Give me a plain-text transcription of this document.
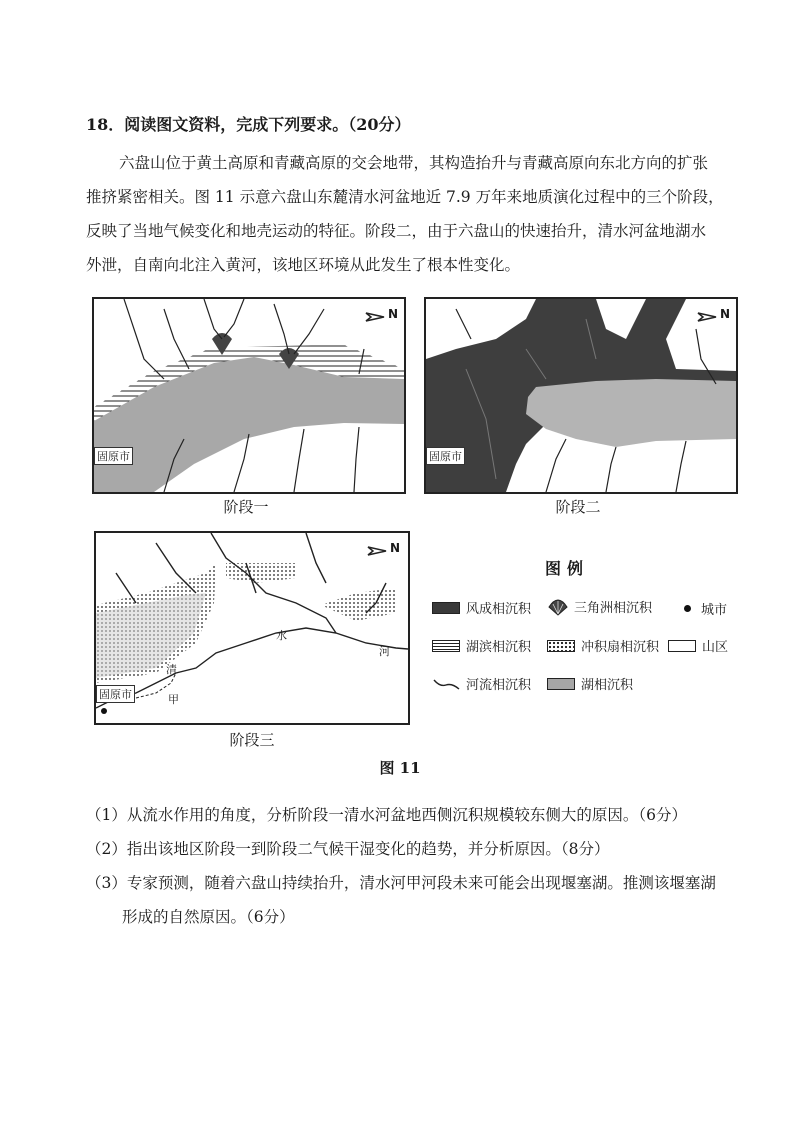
18．阅读图文资料，完成下列要求。（20分）

六盘山位于黄土高原和青藏高原的交会地带，其构造抬升与青藏高原向东北方向的扩张

推挤紧密相关。图 11 示意六盘山东麓清水河盆地近 7.9 万年来地质演化过程中的三个阶段，

反映了当地气候变化和地壳运动的特征。阶段二，由于六盘山的快速抬升，清水河盆地湖水

外泄，自南向北注入黄河，该地区环境从此发生了根本性变化。

N
固原市
阶段一
N
固原市
阶段二
N
清
水
河
甲
固原市
阶段三
图例
风成相沉积	三角洲相沉积	城市
湖滨相沉积	冲积扇相沉积	山区
河流相沉积	湖相沉积
图 11
（1）从流水作用的角度，分析阶段一清水河盆地西侧沉积规模较东侧大的原因。（6分）
（2）指出该地区阶段一到阶段二气候干湿变化的趋势，并分析原因。（8分）
（3）专家预测，随着六盘山持续抬升，清水河甲河段未来可能会出现堰塞湖。推测该堰塞湖
形成的自然原因。（6分）
